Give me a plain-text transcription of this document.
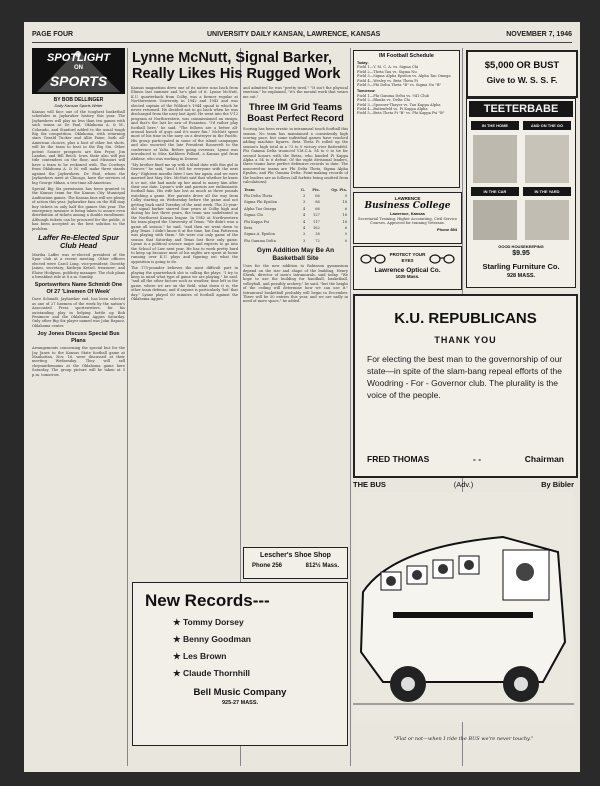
PAGE FOUR	UNIVERSITY DAILY KANSAN, LAWRENCE, KANSAS	NOVEMBER 7, 1946
SPOTLIGHT
ON
SPORTS
BY BOB DELLINGER
Daily Kansan Sports Writer

Kansas will face one of the toughest basketball schedules in Jayhawker history this year. The Jayhawkers will play no less than ten games with such teams as De Paul, Oklahoma A. & M., Colorado, and Stanford added to the usual tough Big Six competition. Oklahoma, with returning stars Gerald Tucker and Allie Paine, both all-American choices, plus a host of other hot shots, will be the team to beat in the Big Six. Other potent Sooner prospects are Ken Pryor, Jim Landon, and Bill Reich. Iowa State also will put title contenders on the floor, and Missouri will have a team to be reckoned with. The Cowboys from Oklahoma A. & M. will make three stands against the Jayhawkers. De Paul, whom the Jayhawkers meet at Chicago, have the services of big George Mikan, a two-time all-American.

Special Big Six permission has been granted to the Kansas team for the Kansas City Municipal Auditorium games. The Kansas fans will see plenty of action this year. Jayhawker fans on the Hill may buy tickets in only half the games this year. The emergency measure is being taken to assure even distribution of tickets among a double enrollment. Although tickets can be procured for the public, it has been accepted as the best solution to the problem.

Laffer Re-Elected Spur Club Head

Martha Laffer was re-elected president of the Spur club at a recent meeting. Other officers elected were Carol Long, vice-president; Dorothy James, secretary; Kathryn Ketzel, treasurer; and Eloise Hodgson, publicity manager. The club plans a breakfast ride at 8 a.m. Sunday.

Sportswriters Name Schmidt One Of 27 'Linemen Of Week'

Dave Schmidt, Jayhawker end, has been selected as one of 27 linemen of the week by the nation's Associated Press sportswriters, for his outstanding play in helping bottle up Bob Fenimore and the Oklahoma Aggies Saturday. Only other Big Six player named was John Rapacz, Oklahoma center.

Joy Jones Discuss Special Bus Plans

Arrangements concerning the special bus for the Jay Janes to the Kansas State football game at Manhattan, Nov. 16, were discussed at their meeting Wednesday. They will sell chrysanthemums at the Oklahoma game here Saturday. The group picture will be taken at 5 p.m. tomorrow.

Lynne McNutt, Signal Barker, Really Likes His Rugged Work

Kansas magnetism drew one of its native sons back from Illinois last summer and he's glad of it. Lynne McNutt, K.U. quarterback from Colby, was a former regular at Northwestern University in 1942 and 1943 and was elected captain of the Wildcat's 1944 squad to which he never returned. He decided not to go back when he was discharged from the navy last April. He went into the V-12 program at Northwestern, was commissioned an ensign, and that's the last he saw of Evanston. "I'd rather play football here," he said. "The fellows are a better all-around bunch of guys and it's more fun." McNutt spent most of his time in the navy on a destroyer in the Pacific. His group participated in some of the island campaigns and also escorted the late President Roosevelt to the conference at Yalta. Before going overseas, Lynne was introduced to Miss Kathleen Pollard, a Kansas girl from Abilene, who was working in Denver.

"My brother fixed me up with a blind date with this girl in Denver," he said, "and I fell for everyone with the next day." Eighteen months later I saw her again, and we were married last May. Mrs. McNutt said that whether he knew it or not, she had made up her mind to marry him after their one date. Lynne's wife and parents are enthusiastic football fans. His wife has lost as much as three pounds watching a game. Her parents drove all the way from Colby starting on Wednesday before the game and not getting back until Tuesday of the next week. The 22-year-old signal barker starred four years at Colby high and during his last three years, the team was undefeated in the Northwest Kansas league. In 1942 at Northwestern his team played the University of Texas. "We didn't won a game all season," he said, "and then we went down to play Texas. I didn't know it at the time, but Dan Patterson was playing with them." We were our only game of the season that Saturday and Texas lost their only game. Lynne is a political science major and expects to go into the School of Law next year. He has to work pretty hard to keep up because most of his nights are spent at home running over K.U. plays and figuring out what the opposition is going to do.

The 175-pounder believes the most difficult part in playing the quarterback slot is calling the plays. "I try to keep in mind what type of game we are playing," he said, "and all the other factors such as weather, time left in the game, where we are on the field, what down it is, the other team defense, and if anyone is particularly 'hot' that day." Lynne played 60 minutes of football against the Oklahoma Aggies

and admitted he was "pretty tired." "It isn't the physical exertion," he explained, "it's the mental work that wears me out."

Three IM Grid Teams Boast Perfect Record

Scoring has been erratic in intramural touch football this season. No team has maintained a consistently high scoring pace, but some individual games have reached adding machine figures. Beta Theta Pi rolled up the season's high total in a 73 to 0 victory over Battenfeld. Phi Gamma Delta trounced Y.M.C.A. 54 to 0 to tie for second honors with the Betas, who handed Pi Kappa Alpha a 54 to 6 defeat. Of the eight divisional leaders, three teams have perfect defensive records to date. The unscored-on teams are Phi Delta Theta, Sigma Alpha Epsilon, and Phi Gamma Delta. Point-making records of the leaders are as follows (all forfeits being omitted from calculations):

Team	G.	Pts.	Op. Pts.
Phi Delta Theta	3	66	0
Sigma Phi Epsilon	3	86	18
Alpha Tau Omega	4	66	6
Sigma Chi	4	127	18
Phi Kappa Psi	4	117	18
Beta	4	162	6
Sigma A. Epsilon	3	38	0
Phi Gamma Delta	3	72	0
Gym Addition May Be An Basketball Site

Uses for the new addition to Robinson gymnasium depend on the size and shape of the building, Henry Shenk, director of men's intramurals, said today. "We hope to use the building for handball, basketball, volleyball, and possibly archery," he said, "but the height of the ceiling will determine how we can use it." Intramural basketball probably will begin in December. There will be 50 entries this year, and we are sadly in need of more space," he added.

Lescher's Shoe Shop
Phone 256	812½ Mass.
New Records---
★ Tommy Dorsey
★ Benny Goodman
★ Les Brown
★ Claude Thornhill
Bell Music Company
925-27 MASS.
IM Football Schedule
Today:
Field 1—Y. M. C. A. vs. Sigma Chi
Field 2—Theta Tau vs. Sigma Nu
Field 3—Sigma Alpha Epsilon vs. Alpha Tau Omega
Field 4—Wesley vs. Beta Theta Pi
Field 5—Phi Delta Theta "B" vs. Sigma Nu "B"
Tomorrow:
Field 1—Phi Gamma Delta vs. 941 Club
Field 2—Blanks vs. Delta Chi
Field 3—Spooner-Thayer vs. Tau Kappa Alpha
Field 4—Battenfeld vs. Pi Kappa Alpha
Field 5—Beta Theta Pi "B" vs. Phi Kappa Psi "B"
LAWRENCE
Business College
Lawrence, Kansas
Secretarial Training, Higher Accounting, Civil Service Courses. Approved for training Veterans.
Phone 894
PROTECT YOUR EYES
Lawrence Optical Co.
1025 Mass.
$5,000 OR BUST
Give to W. S. S. F.
TEETERBABE
IN THE HOME	AND ON THE GO
IN THE CAR	IN THE YARD
GOOD HOUSEKEEPING
$9.95
Starling Furniture Co.
928 MASS.
K.U. REPUBLICANS
THANK YOU
For electing the best man to the governorship of our state—in spite of the slam-bang repeal efforts of the Woodring - For - Governor club. The plurality is the voice of the people.
FRED THOMAS	- -	Chairman
THE BUS	(Adv.)	By Bibler
"Flat or not—when I ride the BUS we're never touchy."
